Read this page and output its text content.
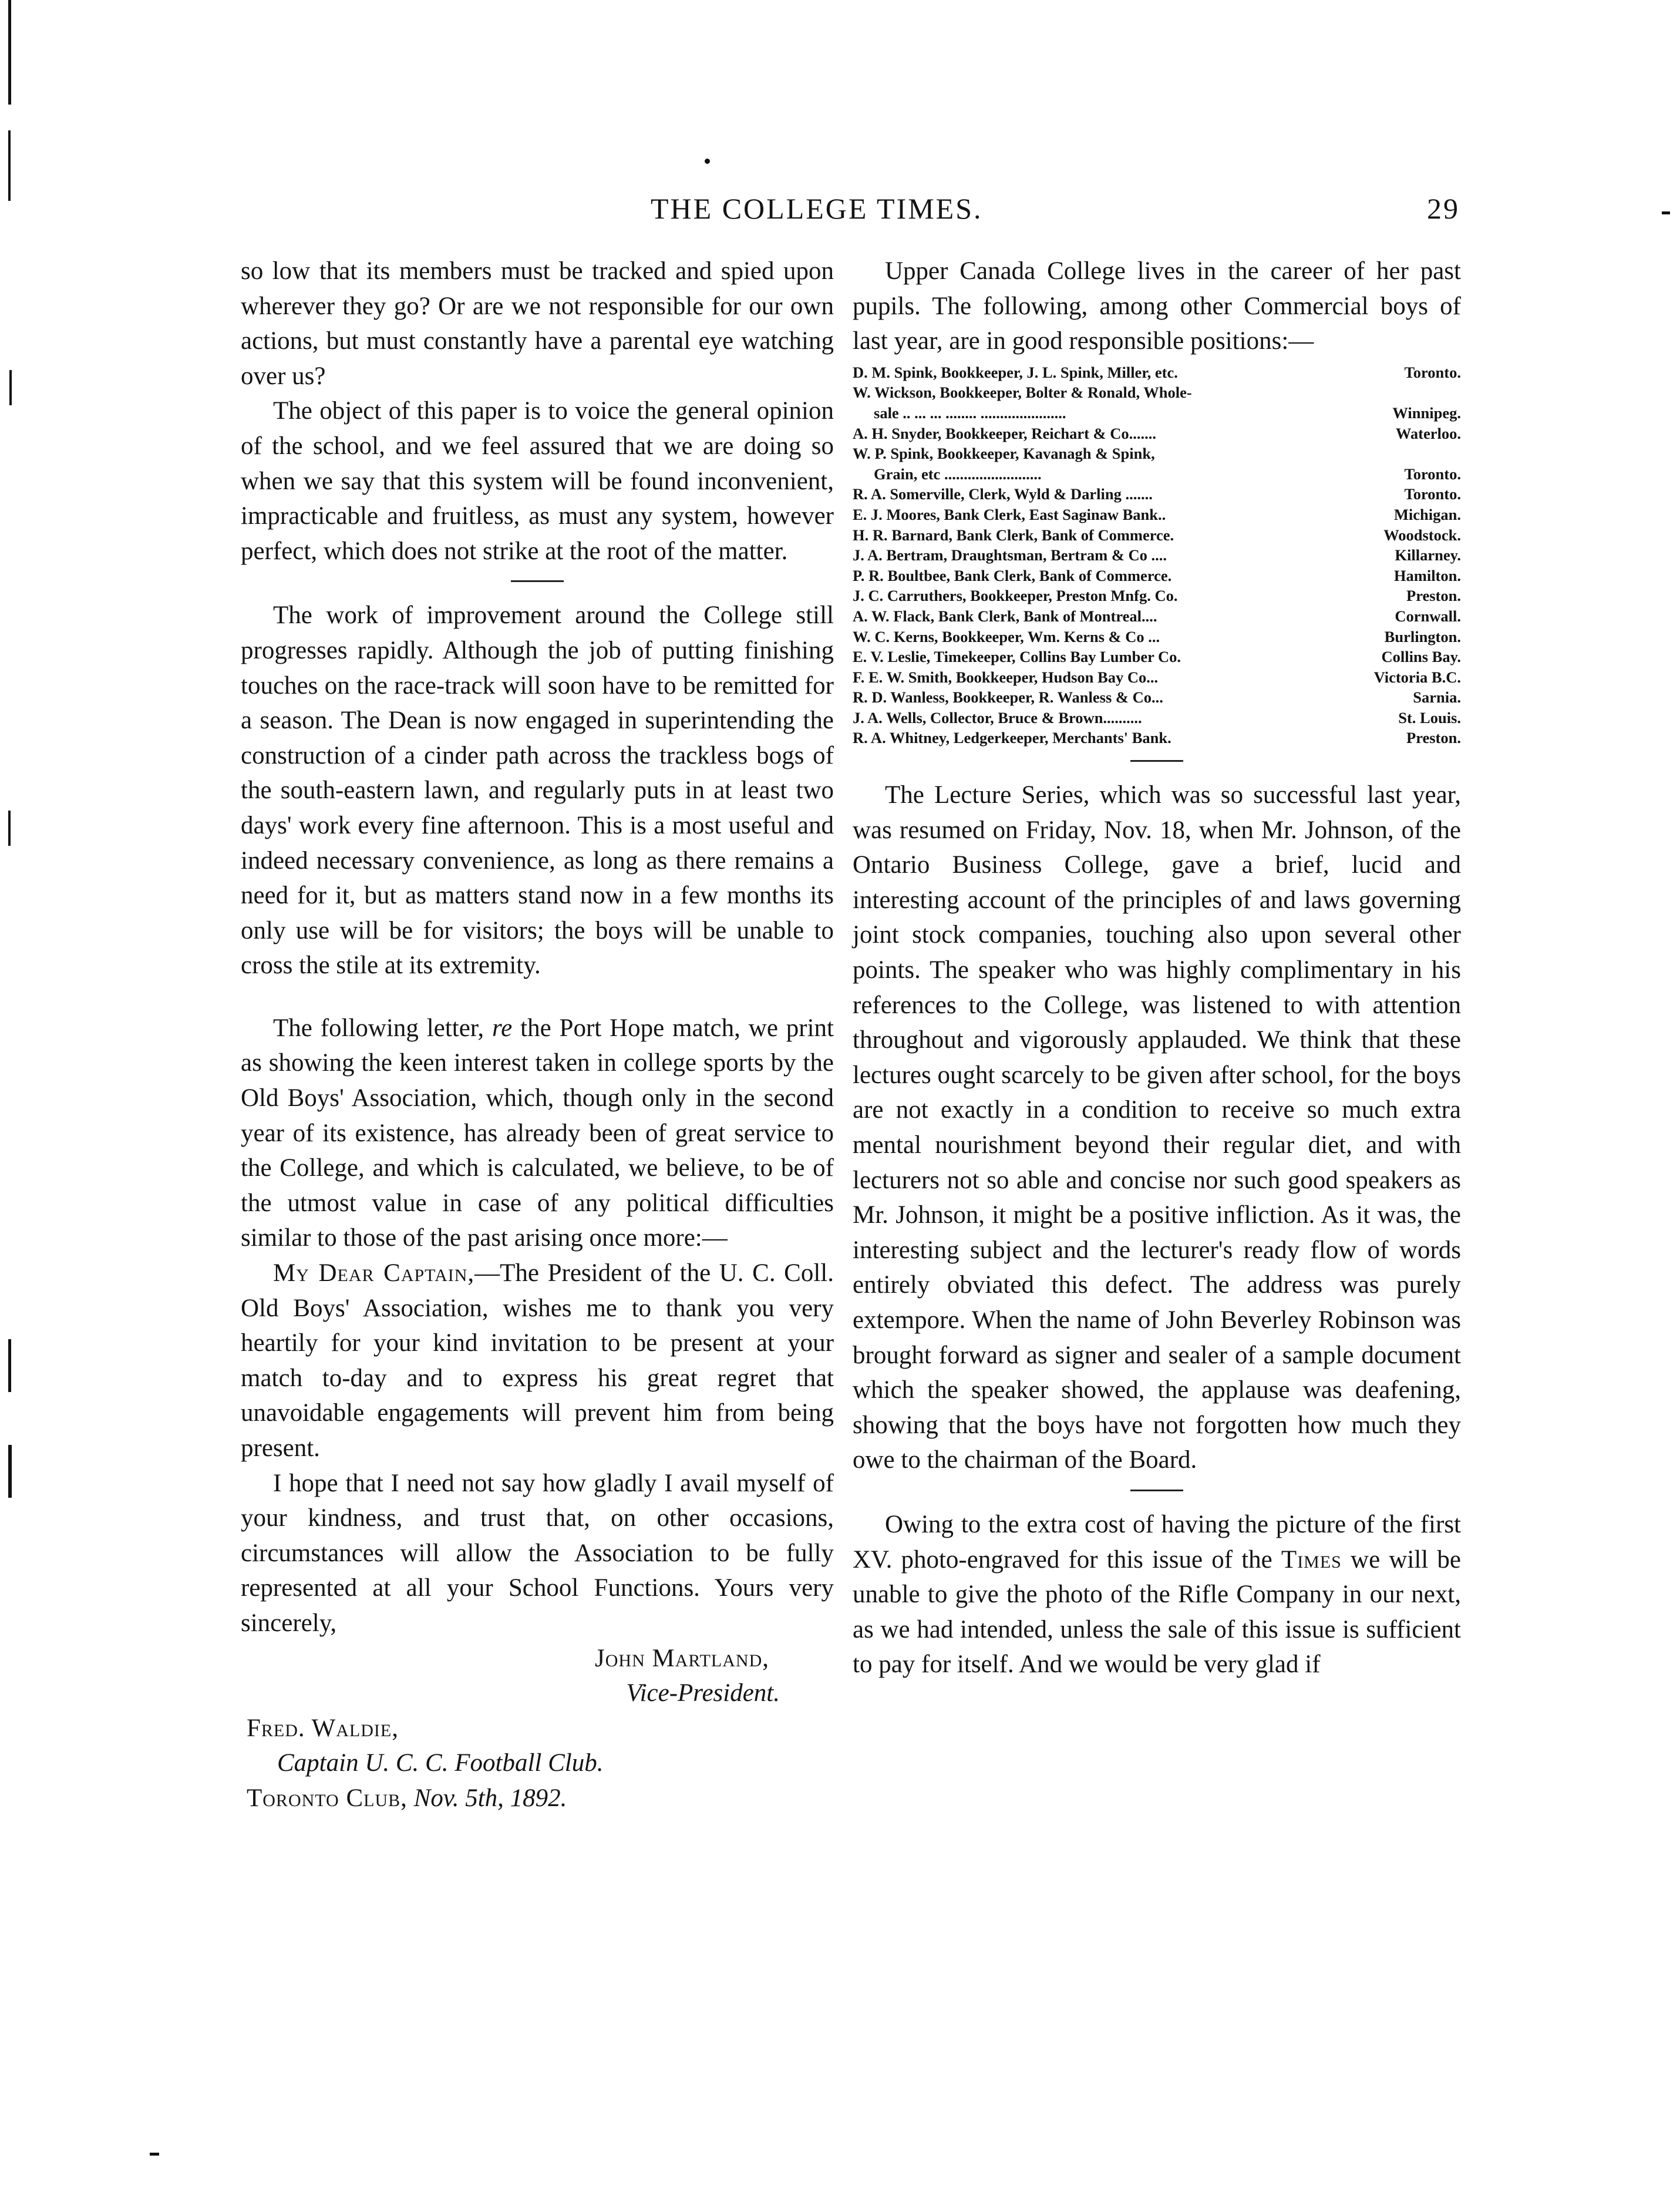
THE COLLEGE TIMES.	29

so low that its members must be tracked and spied upon wherever they go? Or are we not responsible for our own actions, but must constantly have a parental eye watching over us?

The object of this paper is to voice the general opinion of the school, and we feel assured that we are doing so when we say that this system will be found inconvenient, impracticable and fruitless, as must any system, however perfect, which does not strike at the root of the matter.

The work of improvement around the College still progresses rapidly. Although the job of putting finishing touches on the race-track will soon have to be remitted for a season. The Dean is now engaged in superintending the construction of a cinder path across the trackless bogs of the south-eastern lawn, and regularly puts in at least two days' work every fine afternoon. This is a most useful and indeed necessary convenience, as long as there remains a need for it, but as matters stand now in a few months its only use will be for visitors; the boys will be unable to cross the stile at its extremity.

The following letter, re the Port Hope match, we print as showing the keen interest taken in college sports by the Old Boys' Association, which, though only in the second year of its existence, has already been of great service to the College, and which is calculated, we believe, to be of the utmost value in case of any political difficulties similar to those of the past arising once more:—

My Dear Captain,—The President of the U. C. Coll. Old Boys' Association, wishes me to thank you very heartily for your kind invitation to be present at your match to-day and to express his great regret that unavoidable engagements will prevent him from being present.

I hope that I need not say how gladly I avail myself of your kindness, and trust that, on other occasions, circumstances will allow the Association to be fully represented at all your School Functions. Yours very sincerely,

John Martland,
Vice-President.
Fred. Waldie,
Captain U. C. C. Football Club.
Toronto Club, Nov. 5th, 1892.

Upper Canada College lives in the career of her past pupils. The following, among other Commercial boys of last year, are in good responsible positions:—

D. M. Spink, Bookkeeper, J. L. Spink, Miller, etc.	Toronto.
W. Wickson, Bookkeeper, Bolter & Ronald, Whole-
sale .. ... ... ........ ......................	Winnipeg.
A. H. Snyder, Bookkeeper, Reichart & Co.......	Waterloo.
W. P. Spink, Bookkeeper, Kavanagh & Spink,
Grain, etc .........................	Toronto.
R. A. Somerville, Clerk, Wyld & Darling .......	Toronto.
E. J. Moores, Bank Clerk, East Saginaw Bank..	Michigan.
H. R. Barnard, Bank Clerk, Bank of Commerce.	Woodstock.
J. A. Bertram, Draughtsman, Bertram & Co ....	Killarney.
P. R. Boultbee, Bank Clerk, Bank of Commerce.	Hamilton.
J. C. Carruthers, Bookkeeper, Preston Mnfg. Co.	Preston.
A. W. Flack, Bank Clerk, Bank of Montreal....	Cornwall.
W. C. Kerns, Bookkeeper, Wm. Kerns & Co ...	Burlington.
E. V. Leslie, Timekeeper, Collins Bay Lumber Co.	Collins Bay.
F. E. W. Smith, Bookkeeper, Hudson Bay Co...	Victoria B.C.
R. D. Wanless, Bookkeeper, R. Wanless & Co...	Sarnia.
J. A. Wells, Collector, Bruce & Brown..........	St. Louis.
R. A. Whitney, Ledgerkeeper, Merchants' Bank.	Preston.

The Lecture Series, which was so successful last year, was resumed on Friday, Nov. 18, when Mr. Johnson, of the Ontario Business College, gave a brief, lucid and interesting account of the principles of and laws governing joint stock companies, touching also upon several other points. The speaker who was highly complimentary in his references to the College, was listened to with attention throughout and vigorously applauded. We think that these lectures ought scarcely to be given after school, for the boys are not exactly in a condition to receive so much extra mental nourishment beyond their regular diet, and with lecturers not so able and concise nor such good speakers as Mr. Johnson, it might be a positive infliction. As it was, the interesting subject and the lecturer's ready flow of words entirely obviated this defect. The address was purely extempore. When the name of John Beverley Robinson was brought forward as signer and sealer of a sample document which the speaker showed, the applause was deafening, showing that the boys have not forgotten how much they owe to the chairman of the Board.

Owing to the extra cost of having the picture of the first XV. photo-engraved for this issue of the Times we will be unable to give the photo of the Rifle Company in our next, as we had intended, unless the sale of this issue is sufficient to pay for itself. And we would be very glad if
